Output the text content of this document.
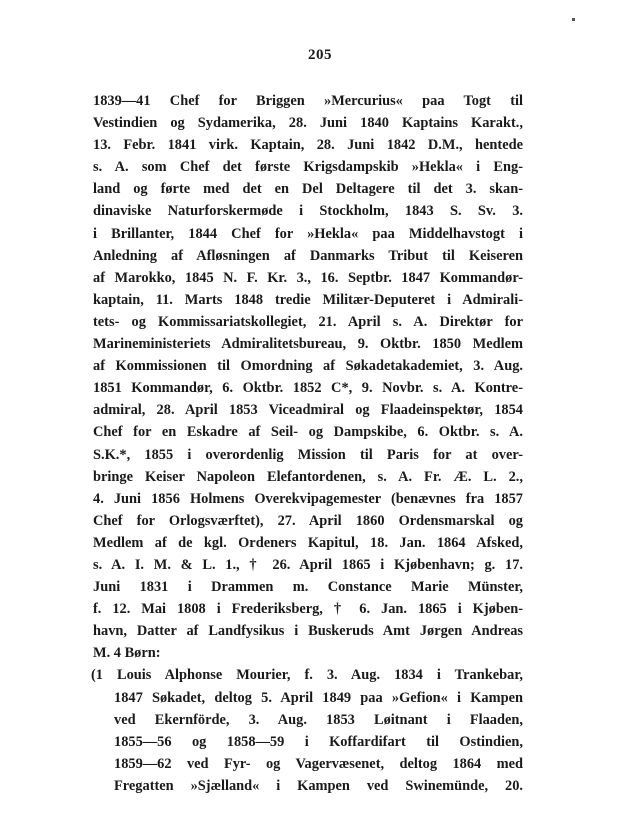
205
1839—41 Chef for Briggen »Mercurius« paa Togt til
Vestindien og Sydamerika, 28. Juni 1840 Kaptains Karakt.,
13. Febr. 1841 virk. Kaptain, 28. Juni 1842 D.M., hentede
s. A. som Chef det første Krigsdampskib »Hekla« i Eng-
land og førte med det en Del Deltagere til det 3. skan-
dinaviske Naturforskermøde i Stockholm, 1843 S. Sv. 3.
i Brillanter, 1844 Chef for »Hekla« paa Middelhavstogt i
Anledning af Afløsningen af Danmarks Tribut til Keiseren
af Marokko, 1845 N. F. Kr. 3., 16. Septbr. 1847 Kommandør-
kaptain, 11. Marts 1848 tredie Militær-Deputeret i Admirali-
tets- og Kommissariatskollegiet, 21. April s. A. Direktør for
Marineministeriets Admiralitetsbureau, 9. Oktbr. 1850 Medlem
af Kommissionen til Omordning af Søkadetakademiet, 3. Aug.
1851 Kommandør, 6. Oktbr. 1852 C*, 9. Novbr. s. A. Kontre-
admiral, 28. April 1853 Viceadmiral og Flaadeinspektør, 1854
Chef for en Eskadre af Seil- og Dampskibe, 6. Oktbr. s. A.
S.K.*, 1855 i overordenlig Mission til Paris for at over-
bringe Keiser Napoleon Elefantordenen, s. A. Fr. Æ. L. 2.,
4. Juni 1856 Holmens Overekvipagemester (benævnes fra 1857
Chef for Orlogsværftet), 27. April 1860 Ordensmarskal og
Medlem af de kgl. Ordeners Kapitul, 18. Jan. 1864 Afsked,
s. A. I. M. & L. 1., † 26. April 1865 i Kjøbenhavn; g. 17.
Juni 1831 i Drammen m. Constance Marie Münster,
f. 12. Mai 1808 i Frederiksberg, † 6. Jan. 1865 i Kjøben-
havn, Datter af Landfysikus i Buskeruds Amt Jørgen Andreas
M. 4 Børn:
(1 Louis Alphonse Mourier, f. 3. Aug. 1834 i Trankebar,
1847 Søkadet, deltog 5. April 1849 paa »Gefion« i Kampen
ved Ekernförde, 3. Aug. 1853 Løitnant i Flaaden,
1855—56 og 1858—59 i Koffardifart til Ostindien,
1859—62 ved Fyr- og Vagervæsenet, deltog 1864 med
Fregatten »Sjælland« i Kampen ved Swinemünde, 20.
